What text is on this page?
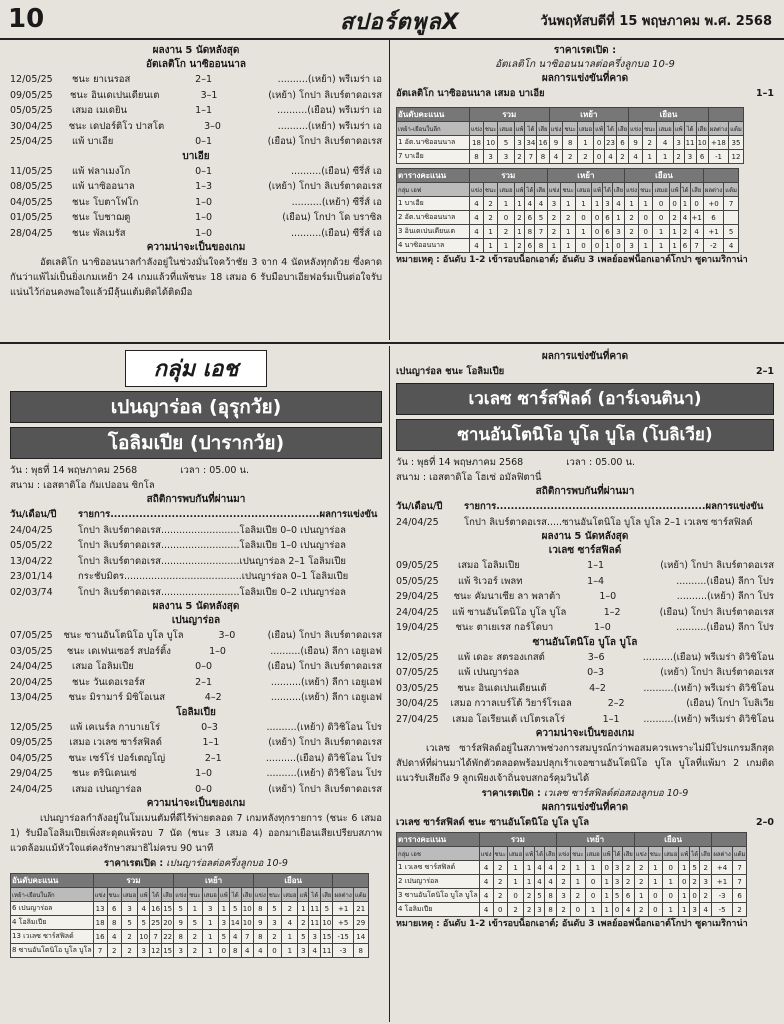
10	สปอร์ตพูลX	วันพฤหัสบดีที่ 15 พฤษภาคม พ.ศ. 2568
ผลงาน 5 นัดหลังสุด
อัตเลติโก นาซิออนนาล
12/05/25	ชนะ ยาเนรอส	2–1	..........(เหย้า) พรีเมร่า เอ
09/05/25	ชนะ อินเดเปนเดียนเต	3–1	(เหย้า) โกปา ลิเบร์ตาดอเรส
05/05/25	เสมอ เมเดยิน	1–1	..........(เยือน) พรีเมร่า เอ
30/04/25	ชนะ เดปอร์ติโว ปาสโต	3–0	..........(เหย้า) พรีเมร่า เอ
25/04/25	แพ้ บาเอีย	0–1	(เยือน) โกปา ลิเบร์ตาดอเรส
บาเอีย
11/05/25	แพ้ ฟลาเมงโก	0–1	..........(เยือน) ซีรี่ส์ เอ
08/05/25	แพ้ นาซิออนาล	1–3	(เหย้า) โกปา ลิเบร์ตาดอเรส
04/05/25	ชนะ โบตาโฟโก	1–0	..........(เหย้า) ซีรี่ส์ เอ
01/05/25	ชนะ โบชาฌตู	1–0	(เยือน) โกปา โด บราซิล
28/04/25	ชนะ พัลเมรัส	1–0	..........(เยือน) ซีรี่ส์ เอ
ความน่าจะเป็นของเกม
อัตเลติโก นาซิออนนาลกำลังอยู่ในช่วงมั่นใจคว้าชัย 3 จาก 4 นัดหลังทุกด้วย ซึ่งคาดกันว่าแพ้ไม่เป็นยิ่งเกมเหย้า 24 เกมแล้วที่แพ้ชนะ 18 เสมอ 6 รับมือบาเอียฟอร์มเป็นต่อใจรับแน่นไว้ก่อนคงพอใจแล้วมีลุ้นแต้มติดได้ติดมือ
ราคาเรตเปิด :
อัตเลติโก นาซิออนนาลต่อครึ่งลูกบอ 10-9
ผลการแข่งขันที่คาด
อัตเลติโก นาซิออนนาล เสมอ บาเอีย	1–1
อันดับคะแนน	รวม						เหย้า						เยือน							
เหย้า-เยือนในลีก	แข่ง	ชนะ	เสมอ	แพ้	ได้	เสีย	แข่ง	ชนะ	เสมอ	แพ้	ได้	เสีย	แข่ง	ชนะ	เสมอ	แพ้	ได้	เสีย	ผลต่าง	แต้ม
1 อัต.นาซิออนนาล	18	10	5	3	34	16	9	8	1	0	23	6	9	2	4	3	11	10	+18	35
7 บาเอีย	8	3	3	2	7	8	4	2	2	0	4	2	4	1	1	2	3	6	-1	12
ตารางคะแนน	รวม						เหย้า						เยือน							
กลุ่ม เอฟ	แข่ง	ชนะ	เสมอ	แพ้	ได้	เสีย	แข่ง	ชนะ	เสมอ	แพ้	ได้	เสีย	แข่ง	ชนะ	เสมอ	แพ้	ได้	เสีย	ผลต่าง	แต้ม
1 บาเอีย	4	2	1	1	4	4	3	1	1	1	3	4	1	1	0	0	1	0	+0	7
2 อัต.นาซิออนนาล	4	2	0	2	6	5	2	2	0	0	6	1	2	0	0	2	4	+1	6	
3 อินเดเปนเดียนเต	4	1	2	1	8	7	2	1	1	0	6	3	2	0	1	1	2	4	+1	5
4 นาซิออนนาล	4	1	1	2	6	8	1	1	0	0	1	0	3	1	1	1	6	7	-2	4
หมายเหตุ : อันดับ 1-2 เข้ารอบน็อกเอาต์; อันดับ 3 เพลย์ออฟน็อกเอาต์โกปา ซูดาเมริกาน่า
กลุ่ม เอช
เปนญาร่อล (อุรุกวัย)
โอลิมเปีย (ปารากวัย)
วัน : พุธที่ 14 พฤษภาคม 2568	เวลา : 05.00 น.
สนาม : เอสตาดิโอ กัมเปออน ซิกโล
สถิติการพบกันที่ผ่านมา
วัน/เดือน/ปี	รายการ..........................................................ผลการแข่งขัน
24/04/25	โกปา ลิเบร์ตาดอเรส..........................โอลิมเปีย 0–0 เปนญาร่อล
05/05/22	โกปา ลิเบร์ตาดอเรส..........................โอลิมเปีย 1–0 เปนญาร่อล
13/04/22	โกปา ลิเบร์ตาดอเรส..........................เปนญาร่อล 2–1 โอลิมเปีย
23/01/14	กระชับมิตร.......................................เปนญาร่อล 0–1 โอลิมเปีย
02/03/74	โกปา ลิเบร์ตาดอเรส..........................โอลิมเปีย 0–2 เปนญาร่อล
ผลงาน 5 นัดหลังสุด
เปนญาร่อล
07/05/25	ชนะ ซานอันโตนิโอ บูโล บูโล	3–0	(เยือน) โกปา ลิเบร์ตาดอเรส
03/05/25	ชนะ เดเฟนเซอร์ สปอร์ติ้ง	1–0	..........(เยือน) ลีกา เอยูเอฟ
24/04/25	เสมอ โอลิมเปีย	0–0	(เยือน) โกปา ลิเบร์ตาดอเรส
20/04/25	ชนะ วันเดอเรอร์ส	2–1	..........(เหย้า) ลีกา เอยูเอฟ
13/04/25	ชนะ มิรามาร์ มิซิโอเนส	4–2	..........(เหย้า) ลีกา เอยูเอฟ
โอลิมเปีย
12/05/25	แพ้ เคเนร์ล กาบาเยโร่	0–3	..........(เหย้า) ดิวิชิโอน โปร
09/05/25	เสมอ เวเลซ ซาร์สฟิลด์	1–1	(เหย้า) โกปา ลิเบร์ตาดอเรส
04/05/25	ชนะ เซร์โร่ ปอร์เตญโญ่	2–1	..........(เยือน) ดิวิชิโอน โปร
29/04/25	ชนะ ตรินิเดนเซ่	1–0	..........(เหย้า) ดิวิชิโอน โปร
24/04/25	เสมอ เปนญาร่อล	0–0	(เหย้า) โกปา ลิเบร์ตาดอเรส
ความน่าจะเป็นของเกม
เปนญาร่อลกำลังอยู่ในโมเมนตัมที่ดีไร้พ่ายตลอด 7 เกมหลังทุกรายการ (ชนะ 6 เสมอ 1) รับมือโอลิมเปียเพิ่งสะดุดแพ้รอบ 7 นัด (ชนะ 3 เสมอ 4) ออกมาเยือนเสียเปรียบสภาพแวดล้อมแม้หัวใจแต่คงรักษาสมาธิไม่ครบ 90 นาที
ราคาเรตเปิด : เปนญาร่อลต่อครึ่งลูกบอ 10-9
อันดับคะแนน	รวม						เหย้า						เยือน							
เหย้า-เยือนในลีก	แข่ง	ชนะ	เสมอ	แพ้	ได้	เสีย	แข่ง	ชนะ	เสมอ	แพ้	ได้	เสีย	แข่ง	ชนะ	เสมอ	แพ้	ได้	เสีย	ผลต่าง	แต้ม
6 เปนญาร่อล	13	6	3	4	16	15	5	1	3	1	5	10	8	5	2	1	11	5	+1	21
4 โอลิมเปีย	18	8	5	5	25	20	9	5	1	3	14	10	9	3	4	2	11	10	+5	29
13 เวเลซ ซาร์สฟิลด์	16	4	2	10	7	22	8	2	1	5	4	7	8	2	1	5	3	15	-15	14
8 ซานอันโตนิโอ บูโล บูโล	7	2	2	3	12	15	3	2	1	0	8	4	4	0	1	3	4	11	-3	8
ผลการแข่งขันที่คาด
เปนญาร่อล ชนะ โอลิมเปีย	2–1
เวเลซ ซาร์สฟิลด์ (อาร์เจนตินา)
ซานอันโตนิโอ บูโล บูโล (โบลิเวีย)
วัน : พุธที่ 14 พฤษภาคม 2568	เวลา : 05.00 น.
สนาม : เอสตาดิโอ โฮเซ่ อมัลฟิตานี่
สถิติการพบกันที่ผ่านมา
วัน/เดือน/ปี	รายการ..........................................................ผลการแข่งขัน
24/04/25	โกปา ลิเบร์ตาดอเรส.....ซานอันโตนิโอ บูโล บูโล 2–1 เวเลซ ซาร์สฟิลด์
ผลงาน 5 นัดหลังสุด
เวเลซ ซาร์สฟิลด์
09/05/25	เสมอ โอลิมเปีย	1–1	(เหย้า) โกปา ลิเบร์ตาดอเรส
05/05/25	แพ้ ริเวอร์ เพลท	1–4	..........(เยือน) ลีกา โปร
29/04/25	ชนะ คัมนาเซีย ลา พลาต้า	1–0	..........(เหย้า) ลีกา โปร
24/04/25	แพ้ ซานอันโตนิโอ บูโล บูโล	1–2	(เยือน) โกปา ลิเบร์ตาดอเรส
19/04/25	ชนะ ตาเยเรส กอร์โดบา	1–0	..........(เยือน) ลีกา โปร
ซานอันโตนิโอ บูโล บูโล
12/05/25	แพ้ เดอะ สตรองเกสต์	3–6	..........(เยือน) พรีเมร่า ดิวิชิโอน
07/05/25	แพ้ เปนญาร่อล	0–3	(เหย้า) โกปา ลิเบร์ตาดอเรส
03/05/25	ชนะ อินเดเปนเดียนเต้	4–2	..........(เหย้า) พรีเมร่า ดิวิชิโอน
30/04/25	เสมอ กวาลเบร์โต้ วิยาร์โรเอล	2–2	(เยือน) โกปา โบลิเวีย
27/04/25	เสมอ โอเรียนเต้ เปโตรเลโร่	1–1	..........(เหย้า) พรีเมร่า ดิวิชิโอน
ความน่าจะเป็นของเกม
เวเลซ ซาร์สฟิลด์อยู่ในสภาพช่วงการสมบูรณ์กว่าพอสมควรเพราะไม่มีโปรแกรมลีกสุดสัปดาห์ที่ผ่านมาได้พักตัวตลอดพร้อมปลุกเร้าเจอซานอันโตนิโอ บูโล บูโลที่แพ้มา 2 เกมติด แนวรับเสียถึง 9 ลูกเพียงเจ้าถิ่นจบสกอร์คุมวินได้
ราคาเรตเปิด : เวเลซ ซาร์สฟิลด์ต่อสองลูกบอ 10-9
ผลการแข่งขันที่คาด
เวเลซ ซาร์สฟิลด์ ชนะ ซานอันโตนิโอ บูโล บูโล	2–0
ตารางคะแนน	รวม						เหย้า						เยือน							
กลุ่ม เอช	แข่ง	ชนะ	เสมอ	แพ้	ได้	เสีย	แข่ง	ชนะ	เสมอ	แพ้	ได้	เสีย	แข่ง	ชนะ	เสมอ	แพ้	ได้	เสีย	ผลต่าง	แต้ม
1 เวเลซ ซาร์สฟิลด์	4	2	1	1	4	4	2	1	1	0	3	2	2	1	0	1	5	2	+4	7
2 เปนญาร่อล	4	2	1	1	4	4	2	1	0	1	3	2	2	1	1	0	2	3	+1	7
3 ซานอันโตนิโอ บูโล บูโล	4	2	0	2	5	8	3	2	0	1	5	6	1	0	0	1	0	2	-3	6
4 โอลิมเปีย	4	0	2	2	3	8	2	0	1	1	0	4	2	0	1	1	3	4	-5	2
หมายเหตุ : อันดับ 1-2 เข้ารอบน็อกเอาต์; อันดับ 3 เพลย์ออฟน็อกเอาต์โกปา ซูดาเมริกาน่า
